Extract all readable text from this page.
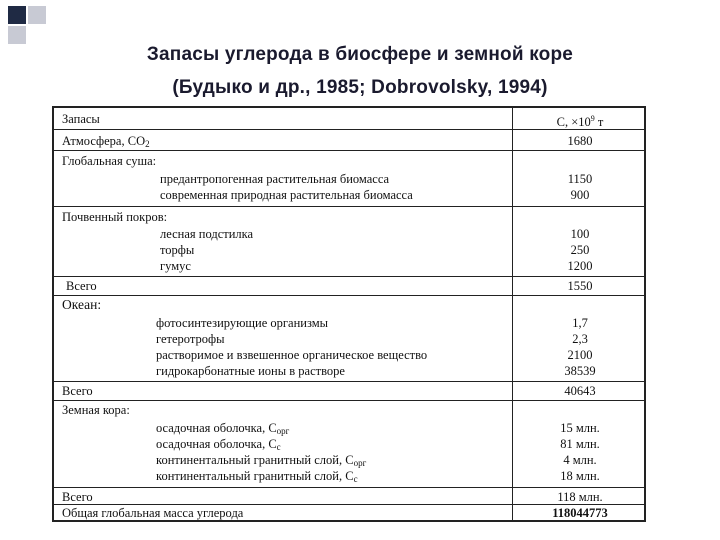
Запасы углерода в биосфере и земной коре
(Будыко и др., 1985; Dobrovolsky, 1994)
Запасы	С, $\times 10^9$ т
Атмосфера, $СО_2$	1680
Глобальная суша:
предантропогенная растительная биомасса	1150
современная природная растительная биомасса	900
Почвенный покров:
лесная подстилка	100
торфы	250
гумус	1200
Всего	1550
Океан:
фотосинтезирующие организмы	1,7
гетеротрофы	2,3
растворимое и взвешенное органическое вещество	2100
гидрокарбонатные ионы в растворе	38539
Всего	40643
Земная кора:
осадочная оболочка, $С_{орг}$	15 млн.
осадочная оболочка, $С_с$	81 млн.
континентальный гранитный слой, $С_{орг}$	4 млн.
континентальный гранитный слой, $С_с$	18 млн.
Всего	118 млн.
Общая глобальная масса углерода	118044773
